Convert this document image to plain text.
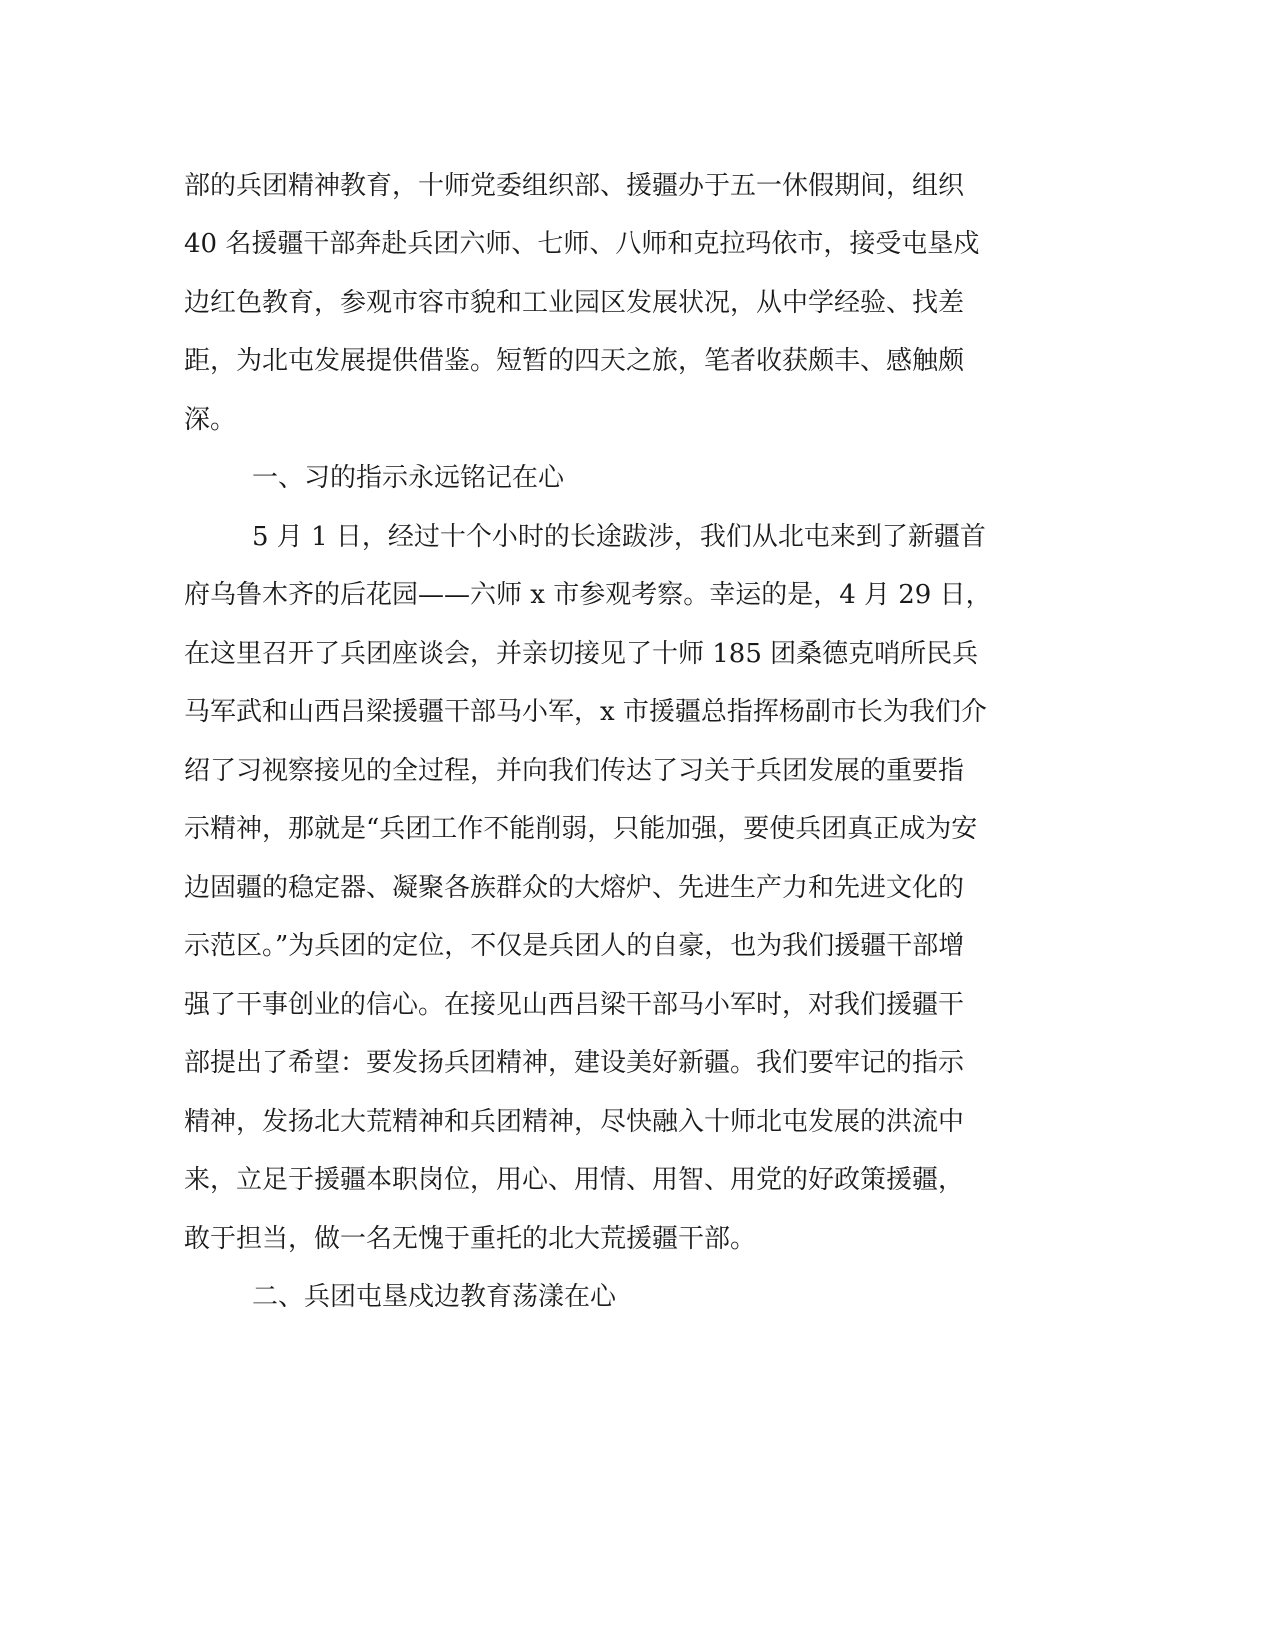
部的兵团精神教育，十师党委组织部、援疆办于五一休假期间，组织
40 名援疆干部奔赴兵团六师、七师、八师和克拉玛依市，接受屯垦戍
边红色教育，参观市容市貌和工业园区发展状况，从中学经验、找差
距，为北屯发展提供借鉴。短暂的四天之旅，笔者收获颇丰、感触颇
深。
一、习的指示永远铭记在心
5 月 1 日，经过十个小时的长途跋涉，我们从北屯来到了新疆首
府乌鲁木齐的后花园——六师 x 市参观考察。幸运的是，4 月 29 日，
在这里召开了兵团座谈会，并亲切接见了十师 185 团桑德克哨所民兵
马军武和山西吕梁援疆干部马小军，x 市援疆总指挥杨副市长为我们介
绍了习视察接见的全过程，并向我们传达了习关于兵团发展的重要指
示精神，那就是“兵团工作不能削弱，只能加强，要使兵团真正成为安
边固疆的稳定器、凝聚各族群众的大熔炉、先进生产力和先进文化的
示范区。”为兵团的定位，不仅是兵团人的自豪，也为我们援疆干部增
强了干事创业的信心。在接见山西吕梁干部马小军时，对我们援疆干
部提出了希望：要发扬兵团精神，建设美好新疆。我们要牢记的指示
精神，发扬北大荒精神和兵团精神，尽快融入十师北屯发展的洪流中
来，立足于援疆本职岗位，用心、用情、用智、用党的好政策援疆，
敢于担当，做一名无愧于重托的北大荒援疆干部。
二、兵团屯垦戍边教育荡漾在心
